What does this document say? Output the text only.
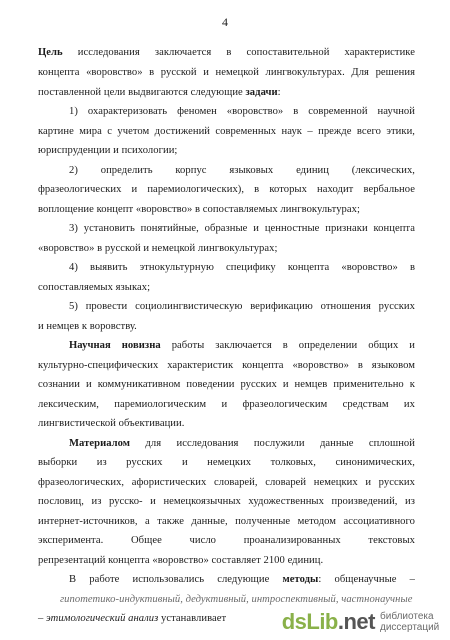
4
Цель исследования заключается в сопоставительной характеристике
концепта «воровство» в русской и немецкой лингвокультурах. Для решения
поставленной цели выдвигаются следующие задачи:
1) охарактеризовать феномен «воровство» в современной научной
картине мира с учетом достижений современных наук – прежде всего этики,
юриспруденции и психологии;
2) определить корпус языковых единиц (лексических,
фразеологических и паремиологических), в которых находит вербальное
воплощение концепт «воровство» в сопоставляемых лингвокультурах;
3) установить понятийные, образные и ценностные признаки концепта
«воровство» в русской и немецкой лингвокультурах;
4) выявить этнокультурную специфику концепта «воровство» в
сопоставляемых языках;
5) провести социолингвистическую верификацию отношения русских
и немцев к воровству.
Научная новизна работы заключается в определении общих и
культурно-специфических характеристик концепта «воровство» в языковом
сознании и коммуникативном поведении русских и немцев применительно к
лексическим, паремиологическим и фразеологическим средствам их
лингвистической объективации.
Материалом для исследования послужили данные сплошной
выборки из русских и немецких толковых, синонимических,
фразеологических, афористических словарей, словарей немецких и русских
пословиц, из русско- и немецкоязычных художественных произведений, из
интернет-источников, а также данные, полученные методом ассоциативного
эксперимента. Общее число проанализированных текстовых
репрезентаций концепта «воровство» составляет 2100 единиц.
В работе использовались следующие методы: общенаучные –
гипотетико-индуктивный, дедуктивный, интроспективный, частнонаучные
– этимологический анализ устанавливает	dsLib.net библиотека диссертаций
